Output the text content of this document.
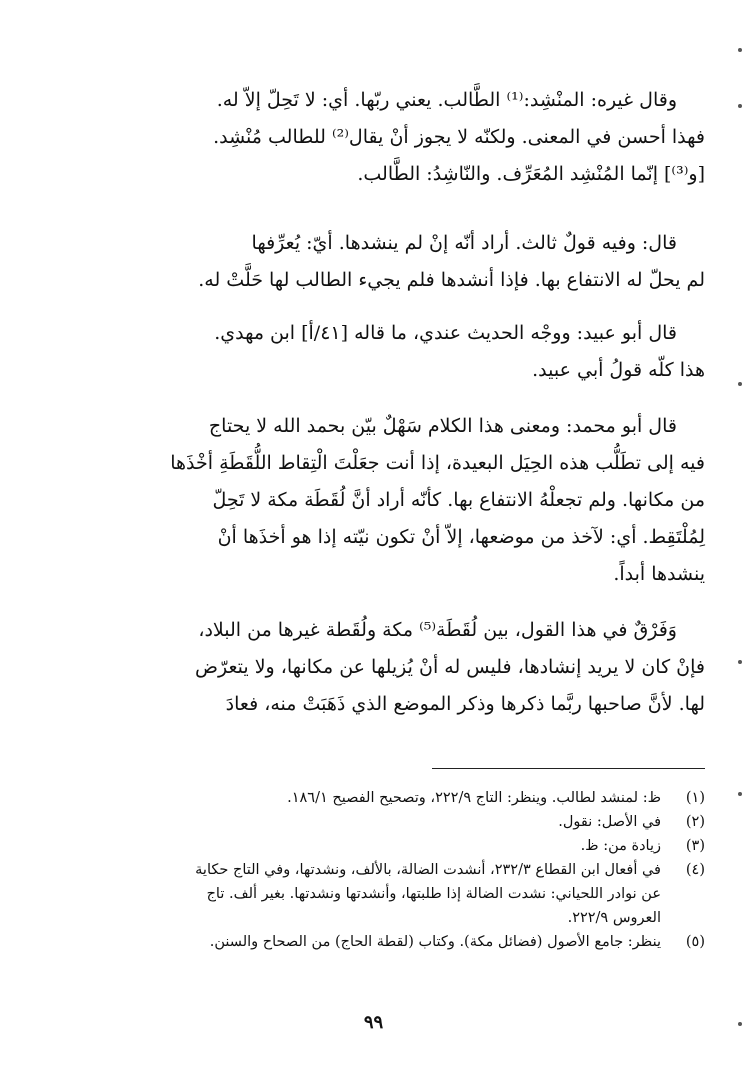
وقال غيره: المنْشِد:⁽¹⁾ الطَّالب. يعني ربّها. أي: لا تَحِلّ إلاّ له.
فهذا أحسن في المعنى. ولكنّه لا يجوز أنْ يقال⁽²⁾ للطالب مُنْشِد.
[و⁽³⁾] إنّما المُنْشِد المُعَرِّف. والنّاشِدُ: الطَّالب.
قال: وفيه قولٌ ثالث. أراد أنّه إنْ لم ينشدها. أيّ: يُعرِّفها
لم يحلّ له الانتفاع بها. فإذا أنشدها فلم يجيء الطالب لها حَلَّتْ له.
قال أبو عبيد: ووجْه الحديث عندي، ما قاله [٤١/أ] ابن مهدي.
هذا كلّه قولُ أبي عبيد.
قال أبو محمد: ومعنى هذا الكلام سَهْلٌ بيّن بحمد الله لا يحتاج
فيه إلى تطَلُّب هذه الحِيَل البعيدة، إذا أنت جعَلْتَ الْتِقاط اللُّقَطَةِ أخْذَها
من مكانها. ولم تجعلْهُ الانتفاع بها. كأنّه أراد أنَّ لُقَطَة مكة لا تَحِلّ
لِمُلْتَقِط. أي: لآخذ من موضعها، إلاّ أنْ تكون نيّته إذا هو أخذَها أنْ
ينشدها أبداً.
وَفَرْقٌ في هذا القول، بين لُقَطَة⁽⁵⁾ مكة ولُقَطة غيرها من البلاد،
فإنْ كان لا يريد إنشادها، فليس له أنْ يُزيلها عن مكانها، ولا يتعرّض
لها. لأنَّ صاحبها ربَّما ذكرها وذكر الموضع الذي ذَهَبَتْ منه، فعادَ
(١)
ظ: لمنشد لطالب. وينظر: التاج ٢٢٢/٩، وتصحيح الفصيح ١٨٦/١.
(٢)
في الأصل: نقول.
(٣)
زيادة من: ظ.
(٤)
في أفعال ابن القطاع ٢٣٢/٣، أنشدت الضالة، بالألف، ونشدتها، وفي التاج حكاية
عن نوادر اللحياني: نشدت الضالة إذا طلبتها، وأنشدتها ونشدتها. بغير ألف. تاج
العروس ٢٢٢/٩.
(٥)
ينظر: جامع الأصول (فضائل مكة). وكتاب (لقطة الحاج) من الصحاح والسنن.
٩٩
